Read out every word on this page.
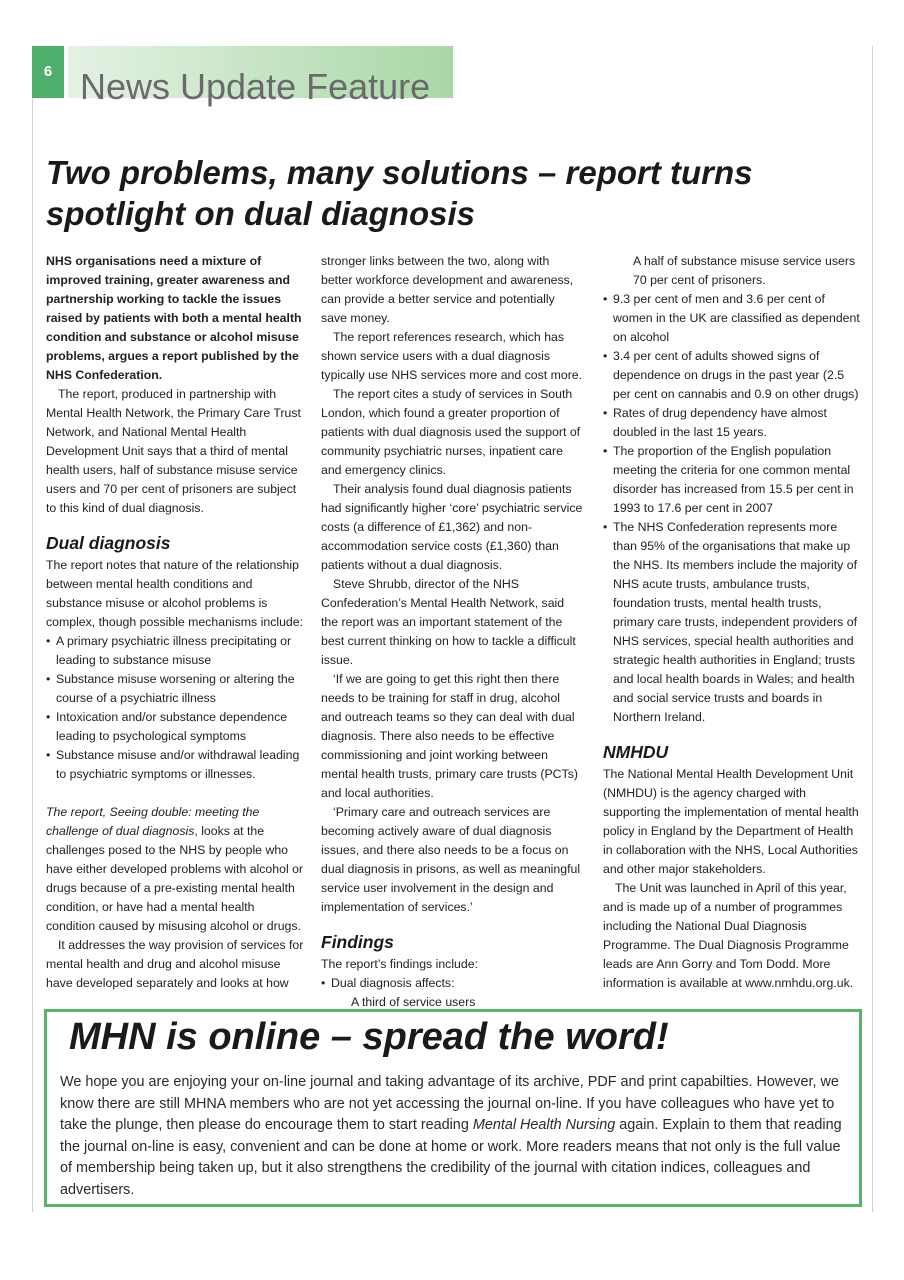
6 News Update Feature
Two problems, many solutions – report turns spotlight on dual diagnosis

NHS organisations need a mixture of improved training, greater awareness and partnership working to tackle the issues raised by patients with both a mental health condition and substance or alcohol misuse problems, argues a report published by the NHS Confederation.

The report, produced in partnership with Mental Health Network, the Primary Care Trust Network, and National Mental Health Development Unit says that a third of mental health users, half of substance misuse service users and 70 per cent of prisoners are subject to this kind of dual diagnosis.

Dual diagnosis

The report notes that nature of the relationship between mental health conditions and substance misuse or alcohol problems is complex, though possible mechanisms include:

• A primary psychiatric illness precipitating or leading to substance misuse
• Substance misuse worsening or altering the course of a psychiatric illness
• Intoxication and/or substance dependence leading to psychological symptoms
• Substance misuse and/or withdrawal leading to psychiatric symptoms or illnesses.

The report, Seeing double: meeting the challenge of dual diagnosis, looks at the challenges posed to the NHS by people who have either developed problems with alcohol or drugs because of a pre-existing mental health condition, or have had a mental health condition caused by misusing alcohol or drugs.

It addresses the way provision of services for mental health and drug and alcohol misuse have developed separately and looks at how

stronger links between the two, along with better workforce development and awareness, can provide a better service and potentially save money.

The report references research, which has shown service users with a dual diagnosis typically use NHS services more and cost more.

The report cites a study of services in South London, which found a greater proportion of patients with dual diagnosis used the support of community psychiatric nurses, inpatient care and emergency clinics.

Their analysis found dual diagnosis patients had significantly higher ‘core’ psychiatric service costs (a difference of £1,362) and non-accommodation service costs (£1,360) than patients without a dual diagnosis.

Steve Shrubb, director of the NHS Confederation’s Mental Health Network, said the report was an important statement of the best current thinking on how to tackle a difficult issue.

‘If we are going to get this right then there needs to be training for staff in drug, alcohol and outreach teams so they can deal with dual diagnosis. There also needs to be effective commissioning and joint working between mental health trusts, primary care trusts (PCTs) and local authorities.

‘Primary care and outreach services are becoming actively aware of dual diagnosis issues, and there also needs to be a focus on dual diagnosis in prisons, as well as meaningful service user involvement in the design and implementation of services.’

Findings

The report’s findings include:

• Dual diagnosis affects:

A third of service users

A half of substance misuse service users

70 per cent of prisoners.

• 9.3 per cent of men and 3.6 per cent of women in the UK are classified as dependent on alcohol
• 3.4 per cent of adults showed signs of dependence on drugs in the past year (2.5 per cent on cannabis and 0.9 on other drugs)
• Rates of drug dependency have almost doubled in the last 15 years.
• The proportion of the English population meeting the criteria for one common mental disorder has increased from 15.5 per cent in 1993 to 17.6 per cent in 2007
• The NHS Confederation represents more than 95% of the organisations that make up the NHS. Its members include the majority of NHS acute trusts, ambulance trusts, foundation trusts, mental health trusts, primary care trusts, independent providers of NHS services, special health authorities and strategic health authorities in England; trusts and local health boards in Wales; and health and social service trusts and boards in Northern Ireland.
NMHDU

The National Mental Health Development Unit (NMHDU) is the agency charged with supporting the implementation of mental health policy in England by the Department of Health in collaboration with the NHS, Local Authorities and other major stakeholders.

The Unit was launched in April of this year, and is made up of a number of programmes including the National Dual Diagnosis Programme. The Dual Diagnosis Programme leads are Ann Gorry and Tom Dodd. More information is available at www.nmhdu.org.uk.

MHN is online – spread the word!

We hope you are enjoying your on-line journal and taking advantage of its archive, PDF and print capabilties. However, we know there are still MHNA members who are not yet accessing the journal on-line. If you have colleagues who have yet to take the plunge, then please do encourage them to start reading Mental Health Nursing again. Explain to them that reading the journal on-line is easy, convenient and can be done at home or work. More readers means that not only is the full value of membership being taken up, but it also strengthens the credibility of the journal with citation indices, colleagues and advertisers.
